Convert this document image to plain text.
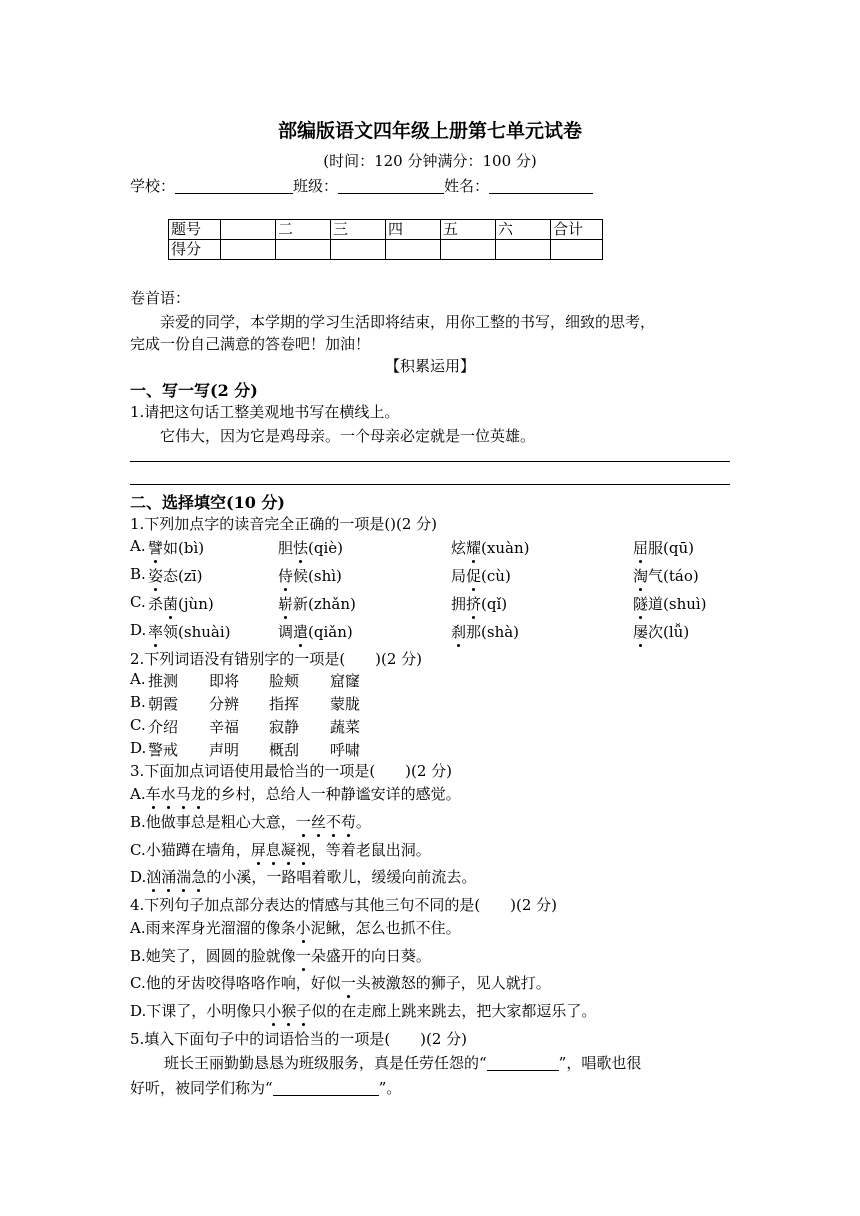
部编版语文四年级上册第七单元试卷
(时间：120 分钟满分：100 分)
学校：	班级：	姓名：
题号		二	三	四	五	六	合计
得分							
卷首语：
亲爱的同学，本学期的学习生活即将结束，用你工整的书写，细致的思考，
完成一份自己满意的答卷吧！加油！
【积累运用】
一、写一写(2 分)
1.请把这句话工整美观地书写在横线上。
它伟大，因为它是鸡母亲。一个母亲必定就是一位英雄。
二、选择填空(10 分)
1.下列加点字的读音完全正确的一项是()(2 分)
A. 譬如(bì)	胆怯(qiè)	炫耀(xuàn)	屈服(qū)
B. 姿态(zī)	侍候(shì)	局促(cù)	淘气(táo)
C. 杀菌(jùn)	崭新(zhǎn)	拥挤(qǐ)	隧道(shuì)
D. 率领(shuài)	调遣(qiǎn)	刹那(shà)	屡次(lǚ)
2.下列词语没有错别字的一项是(　　)(2 分)
A. 推测 即将 脸颊 窟窿
B. 朝霞 分辨 指挥 蒙胧
C. 介绍 辛福 寂静 蔬菜
D. 警戒 声明 概刮 呼啸
3.下面加点词语使用最恰当的一项是(　　)(2 分)
A.车水马龙的乡村，总给人一种静谧安详的感觉。
B.他做事总是粗心大意，一丝不苟。
C.小猫蹲在墙角，屏息凝视，等着老鼠出洞。
D.汹涌湍急的小溪，一路唱着歌儿，缓缓向前流去。
4.下列句子加点部分表达的情感与其他三句不同的是(　　)(2 分)
A.雨来浑身光溜溜的像条小泥鳅，怎么也抓不住。
B.她笑了，圆圆的脸就像一朵盛开的向日葵。
C.他的牙齿咬得咯咯作响，好似一头被激怒的狮子，见人就打。
D.下课了，小明像只小猴子似的在走廊上跳来跳去，把大家都逗乐了。
5.填入下面句子中的词语恰当的一项是(　　)(2 分)
班长王丽勤勤恳恳为班级服务，真是任劳任怨的“	”，唱歌也很
好听，被同学们称为“	”。
